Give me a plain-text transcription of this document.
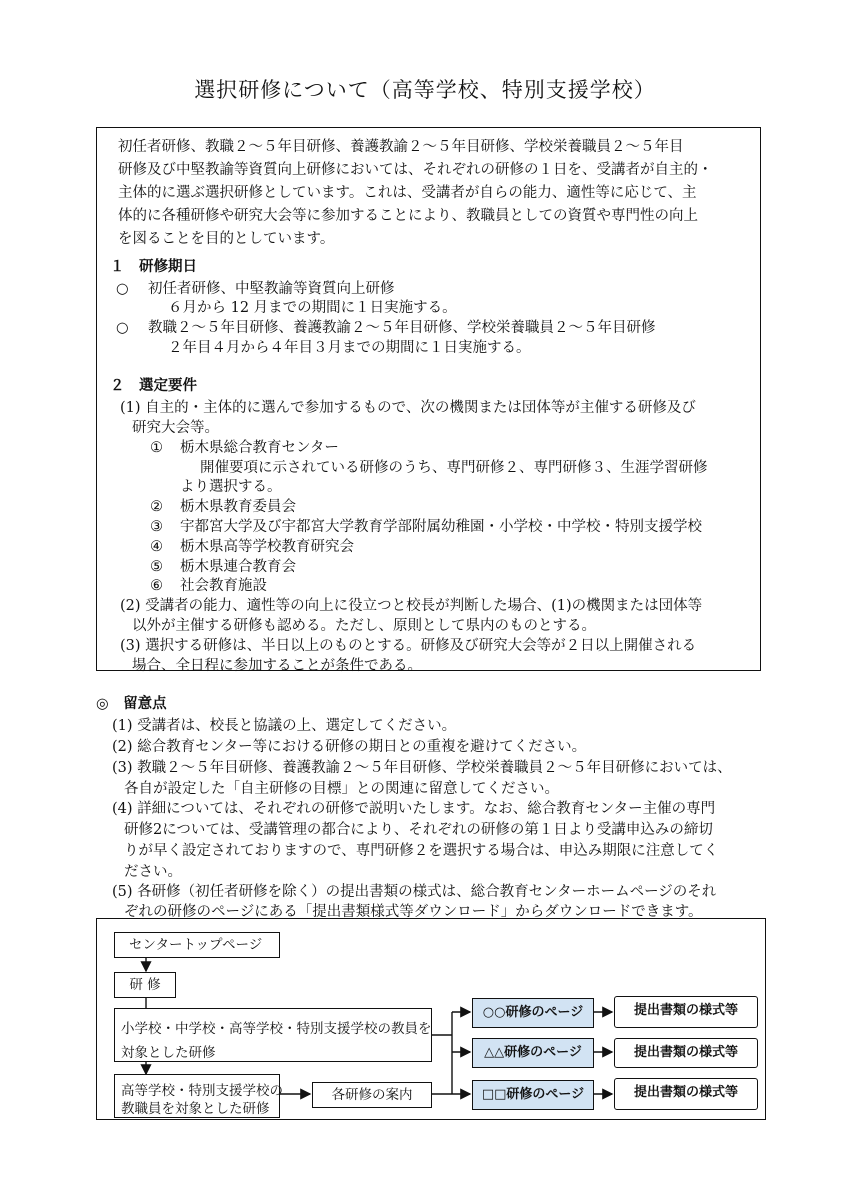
選択研修について（高等学校、特別支援学校）
初任者研修、教職２～５年目研修、養護教諭２～５年目研修、学校栄養職員２～５年目
研修及び中堅教諭等資質向上研修においては、それぞれの研修の１日を、受講者が自主的・
主体的に選ぶ選択研修としています。これは、受講者が自らの能力、適性等に応じて、主
体的に各種研修や研究大会等に参加することにより、教職員としての資質や専門性の向上
を図ることを目的としています。
１　研修期日
○ 初任者研修、中堅教諭等資質向上研修
６月から 12 月までの期間に１日実施する。
○ 教職２～５年目研修、養護教諭２～５年目研修、学校栄養職員２～５年目研修
２年目４月から４年目３月までの期間に１日実施する。
２　選定要件
(1) 自主的・主体的に選んで参加するもので、次の機関または団体等が主催する研修及び
研究大会等。
① 栃木県総合教育センター
開催要項に示されている研修のうち、専門研修２、専門研修３、生涯学習研修
より選択する。
② 栃木県教育委員会
③ 宇都宮大学及び宇都宮大学教育学部附属幼稚園・小学校・中学校・特別支援学校
④ 栃木県高等学校教育研究会
⑤ 栃木県連合教育会
⑥ 社会教育施設
(2) 受講者の能力、適性等の向上に役立つと校長が判断した場合、(1)の機関または団体等
以外が主催する研修も認める。ただし、原則として県内のものとする。
(3) 選択する研修は、半日以上のものとする。研修及び研究大会等が２日以上開催される
場合、全日程に参加することが条件である。
◎　留意点
(1) 受講者は、校長と協議の上、選定してください。
(2) 総合教育センター等における研修の期日との重複を避けてください。
(3) 教職２～５年目研修、養護教諭２～５年目研修、学校栄養職員２～５年目研修においては、
各自が設定した「自主研修の目標」との関連に留意してください。
(4) 詳細については、それぞれの研修で説明いたします。なお、総合教育センター主催の専門
研修2については、受講管理の都合により、それぞれの研修の第１日より受講申込みの締切
りが早く設定されておりますので、専門研修２を選択する場合は、申込み期限に注意してく
ださい。
(5) 各研修（初任者研修を除く）の提出書類の様式は、総合教育センターホームページのそれ
ぞれの研修のページにある「提出書類様式等ダウンロード」からダウンロードできます。
センタートップページ
研 修
小学校・中学校・高等学校・特別支援学校の教員を
対象とした研修
高等学校・特別支援学校の
教職員を対象とした研修
各研修の案内
○○研修のページ
△△研修のページ
□□研修のページ
提出書類の様式等
提出書類の様式等
提出書類の様式等
